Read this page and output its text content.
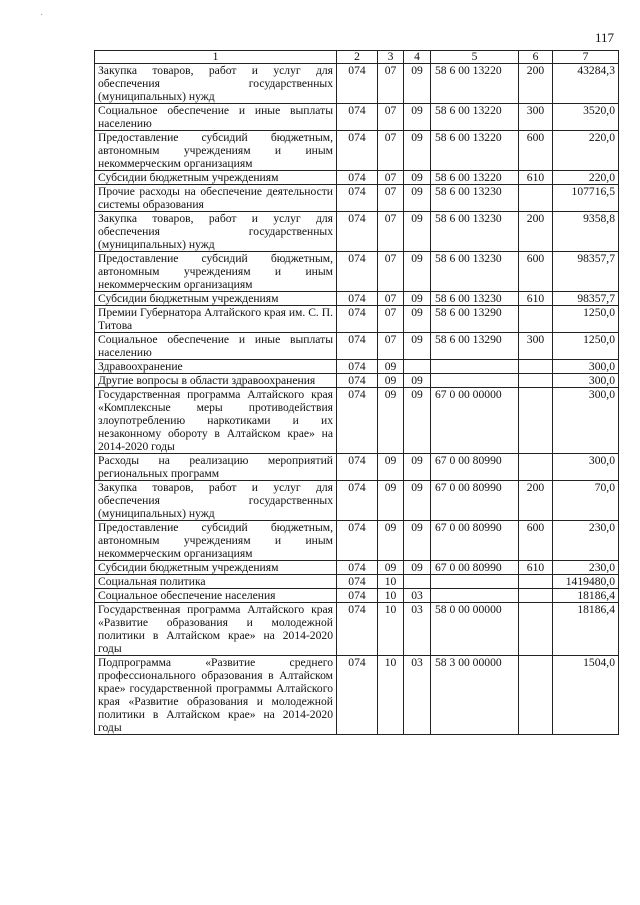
117
·
1	2	3	4	5	6	7
Закупка товаров, работ и услуг для обеспечения государственных (муниципальных) нужд	074	07	09	58 6 00 13220	200	43284,3
Социальное обеспечение и иные выплаты населению	074	07	09	58 6 00 13220	300	3520,0
Предоставление субсидий бюджетным, автономным учреждениям и иным некоммерческим организациям	074	07	09	58 6 00 13220	600	220,0
Субсидии бюджетным учреждениям	074	07	09	58 6 00 13220	610	220,0
Прочие расходы на обеспечение деятельности системы образования	074	07	09	58 6 00 13230		107716,5
Закупка товаров, работ и услуг для обеспечения государственных (муниципальных) нужд	074	07	09	58 6 00 13230	200	9358,8
Предоставление субсидий бюджетным, автономным учреждениям и иным некоммерческим организациям	074	07	09	58 6 00 13230	600	98357,7
Субсидии бюджетным учреждениям	074	07	09	58 6 00 13230	610	98357,7
Премии Губернатора Алтайского края им. С. П. Титова	074	07	09	58 6 00 13290		1250,0
Социальное обеспечение и иные выплаты населению	074	07	09	58 6 00 13290	300	1250,0
Здравоохранение	074	09				300,0
Другие вопросы в области здравоохранения	074	09	09			300,0
Государственная программа Алтайского края «Комплексные меры противодействия злоупотреблению наркотиками и их незаконному обороту в Алтайском крае» на 2014-2020 годы	074	09	09	67 0 00 00000		300,0
Расходы на реализацию мероприятий региональных программ	074	09	09	67 0 00 80990		300,0
Закупка товаров, работ и услуг для обеспечения государственных (муниципальных) нужд	074	09	09	67 0 00 80990	200	70,0
Предоставление субсидий бюджетным, автономным учреждениям и иным некоммерческим организациям	074	09	09	67 0 00 80990	600	230,0
Субсидии бюджетным учреждениям	074	09	09	67 0 00 80990	610	230,0
Социальная политика	074	10				1419480,0
Социальное обеспечение населения	074	10	03			18186,4
Государственная программа Алтайского края «Развитие образования и молодежной политики в Алтайском крае» на 2014-2020 годы	074	10	03	58 0 00 00000		18186,4
Подпрограмма «Развитие среднего профессионального образования в Алтайском крае» государственной программы Алтайского края «Развитие образования и молодежной политики в Алтайском крае» на 2014-2020 годы	074	10	03	58 3 00 00000		1504,0
